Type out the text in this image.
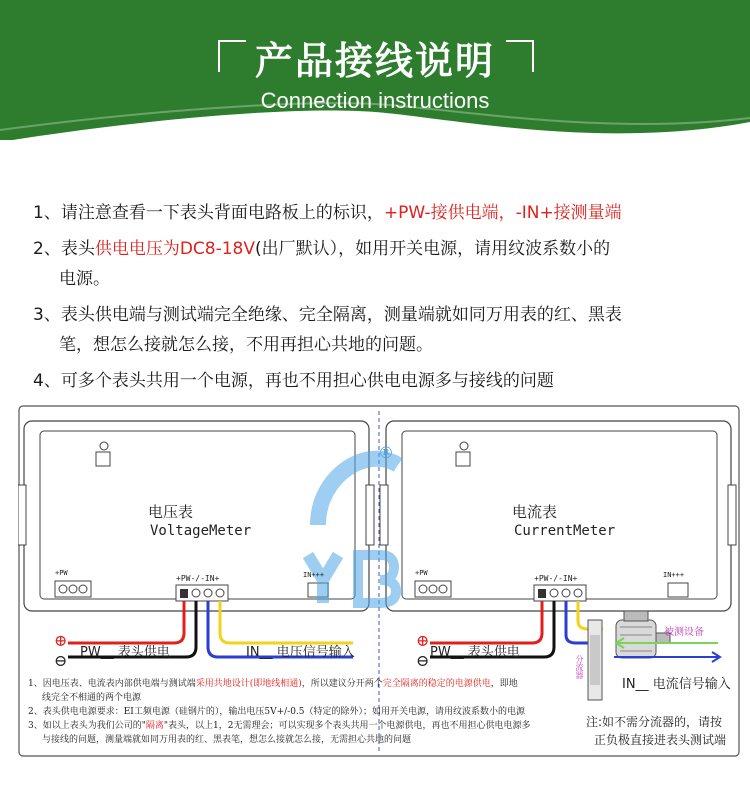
产品接线说明
Connection instructions

1、请注意查看一下表头背面电路板上的标识，+PW-接供电端，-IN+接测量端

2、表头供电电压为DC8-18V(出厂默认），如用开关电源，请用纹波系数小的
电源。

3、表头供电端与测试端完全绝缘、完全隔离，测量端就如同万用表的红、黑表
笔，想怎么接就怎么接，不用再担心共地的问题。

4、可多个表头共用一个电源，再也不用担心供电电源多与接线的问题

电压表
VoltageMeter
电流表
CurrentMeter
+PW	IN+++
+PW-/-IN+
+PW	IN+++
+PW-/-IN+
®
⊕
⊖ PW__ 表头供电	IN__ 电压信号输入
⊕
⊖ PW__ 表头供电
IN__ 电流信号输入
被测设备
分流器
注:如不需分流器的，请按
正负极直接进表头测试端
1、因电压表、电流表内部供电端与测试端采用共地设计(即地线相通)，所以建议分开两个完全隔离的稳定的电源供电，即地
线完全不相通的两个电源
2、表头供电电源要求：EI工频电源（硅钢片的），输出电压5V+/-0.5（特定的除外）；如用开关电源，请用纹波系数小的电源
3、如以上表头为我们公司的"隔离"表头，以上1，2无需理会；可以实现多个表头共用一个电源供电，再也不用担心供电电源多
与接线的问题，测量端就如同万用表的红、黑表笔，想怎么接就怎么接，无需担心共地的问题
